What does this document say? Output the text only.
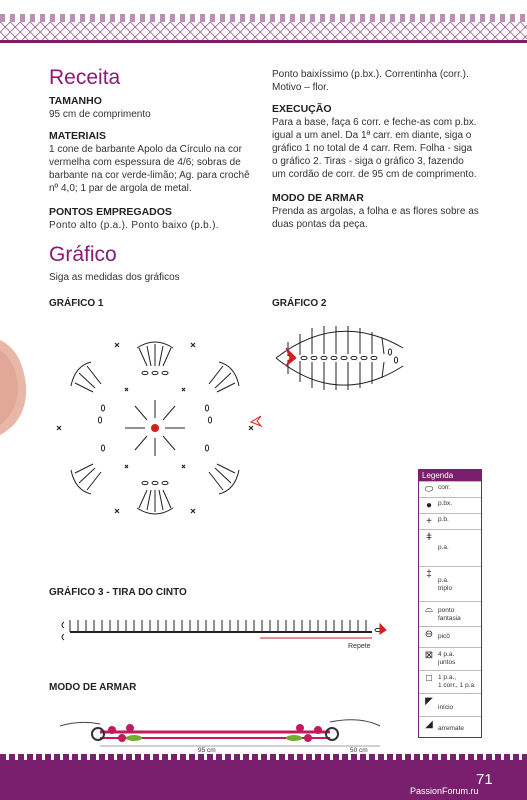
Receita
TAMANHO
95 cm de comprimento
MATERIAIS
1 cone de barbante Apolo da Círculo na cor
vermelha com espessura de 4/6; sobras de
barbante na cor verde-limão; Ag. para crochê
nº 4,0; 1 par de argola de metal.
PONTOS EMPREGADOS
Ponto alto (p.a.). Ponto baixo (p.b.).
Ponto baixíssimo (p.bx.). Correntinha (corr.).
Motivo – flor.
EXECUÇÃO
Para a base, faça 6 corr. e feche-as com p.bx.
igual a um anel. Da 1ª carr. em diante, siga o
gráfico 1 no total de 4 carr. Rem. Folha - siga
o gráfico 2. Tiras - siga o gráfico 3, fazendo
um cordão de corr. de 95 cm de comprimento.
MODO DE ARMAR
Prenda as argolas, a folha e as flores sobre as
duas pontas da peça.
Gráfico
Siga as medidas dos gráficos
GRÁFICO 1	GRÁFICO 2
Legenda
⬭ corr.
● p.bx.
+ p.b.
ǂ
p.a.
‡
p.a.
triplo
⌓ ponto
fantasia
⊖ picô
⊠ 4 p.a.
juntos
□ 1 p.a.,
1 corr., 1 p.a.
◤
início
◢ arremate
GRÁFICO 3 - TIRA DO CINTO
Repete
MODO DE ARMAR
95 cm	50 cm
71
PassionForum.ru
